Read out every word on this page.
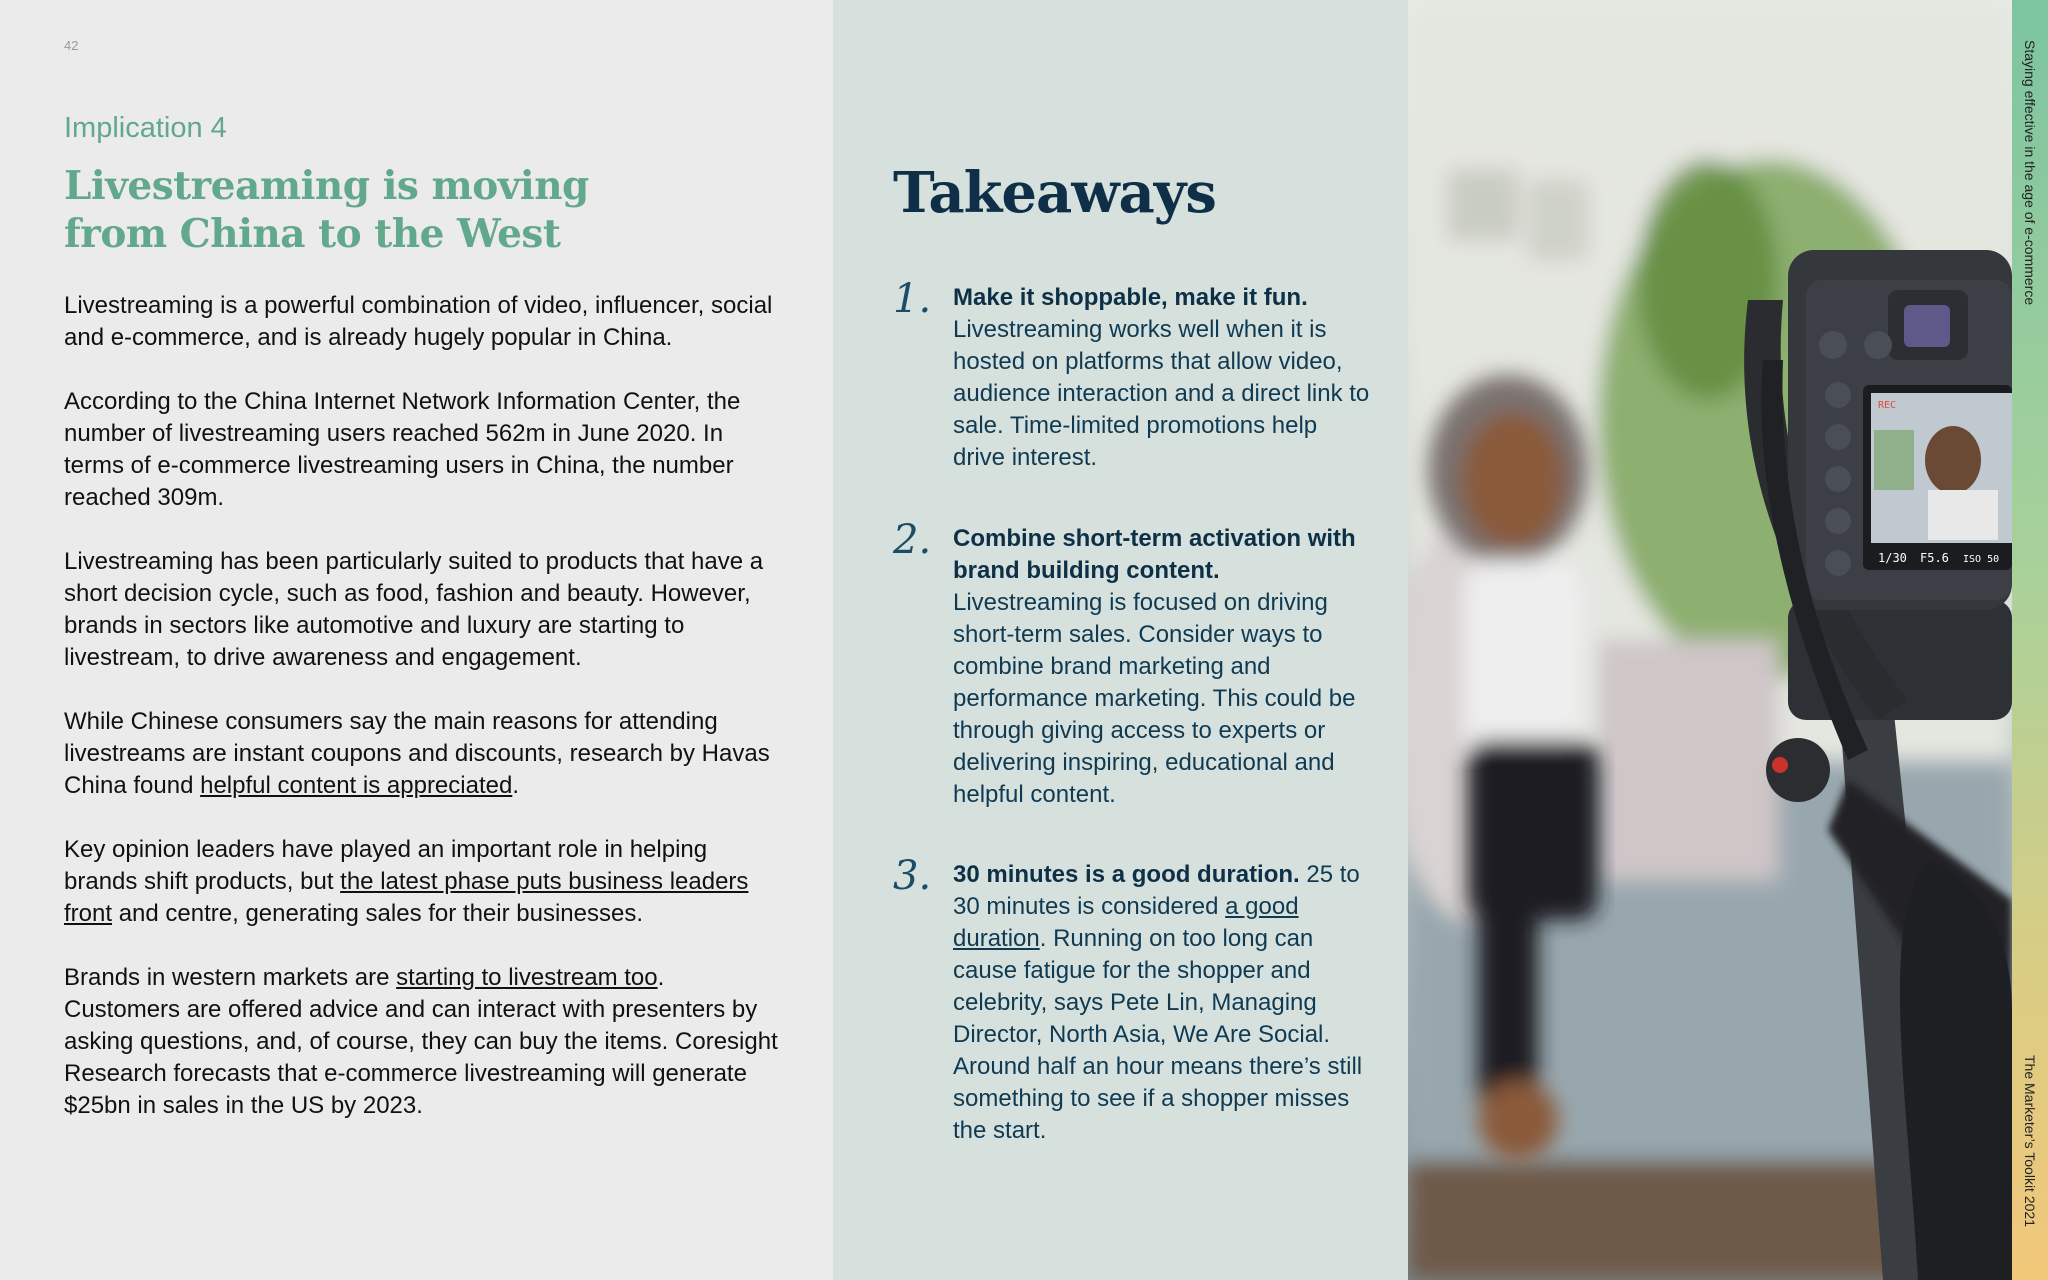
42
Implication 4
Livestreaming is moving
from China to the West

Livestreaming is a powerful combination of video, influencer, social and e-commerce, and is already hugely popular in China.

According to the China Internet Network Information Center, the number of livestreaming users reached 562m in June 2020. In terms of e-commerce livestreaming users in China, the number reached 309m.

Livestreaming has been particularly suited to products that have a short decision cycle, such as food, fashion and beauty. However, brands in sectors like automotive and luxury are starting to livestream, to drive awareness and engagement.

While Chinese consumers say the main reasons for attending livestreams are instant coupons and discounts, research by Havas China found helpful content is appreciated.

Key opinion leaders have played an important role in helping brands shift products, but the latest phase puts business leaders front and centre, generating sales for their businesses.

Brands in western markets are starting to livestream too. Customers are offered advice and can interact with presenters by asking questions, and, of course, they can buy the items. Coresight Research forecasts that e-commerce livestreaming will generate $25bn in sales in the US by 2023.

Takeaways
1. Make it shoppable, make it fun.
Livestreaming works well when it is hosted on platforms that allow video, audience interaction and a direct link to sale. Time-limited promotions help drive interest.
2. Combine short-term activation with brand building content.
Livestreaming is focused on driving short-term sales. Consider ways to combine brand marketing and performance marketing. This could be through giving access to experts or delivering inspiring, educational and helpful content.
3. 30 minutes is a good duration. 25 to 30 minutes is considered a good duration. Running on too long can cause fatigue for the shopper and celebrity, says Pete Lin, Managing Director, North Asia, We Are Social. Around half an hour means there’s still something to see if a shopper misses the start.
REC
1/30 F5.6 ISO 50
Staying effective in the age of e-commerce
The Marketer’s Toolkit 2021
